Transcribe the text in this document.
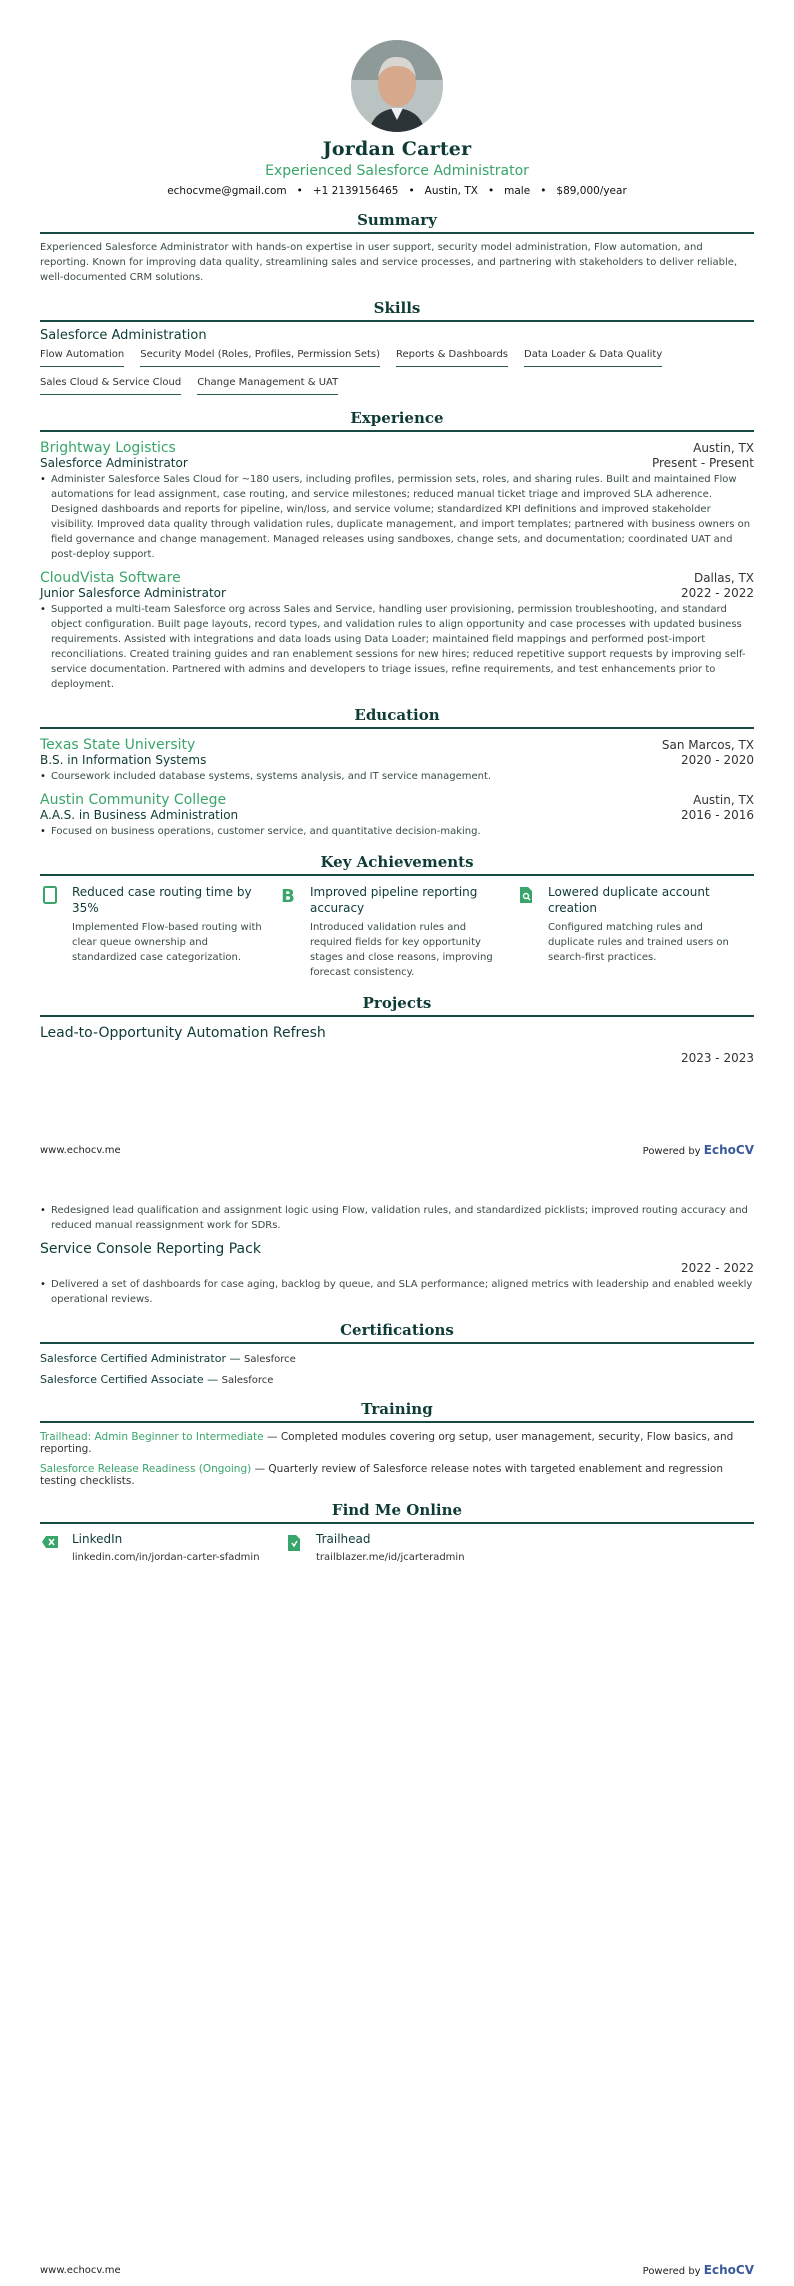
Jordan Carter
Experienced Salesforce Administrator
echocvme@gmail.com • +1 2139156465 • Austin, TX • male • $89,000/year
Summary
Experienced Salesforce Administrator with hands-on expertise in user support, security model administration, Flow automation, and reporting. Known for improving data quality, streamlining sales and service processes, and partnering with stakeholders to deliver reliable, well-documented CRM solutions.
Skills
Salesforce Administration
Flow Automation Security Model (Roles, Profiles, Permission Sets) Reports & Dashboards Data Loader & Data Quality
Sales Cloud & Service Cloud Change Management & UAT
Experience
Brightway Logistics	Austin, TX
Salesforce Administrator	Present - Present
• Administer Salesforce Sales Cloud for ~180 users, including profiles, permission sets, roles, and sharing rules. Built and maintained Flow automations for lead assignment, case routing, and service milestones; reduced manual ticket triage and improved SLA adherence. Designed dashboards and reports for pipeline, win/loss, and service volume; standardized KPI definitions and improved stakeholder visibility. Improved data quality through validation rules, duplicate management, and import templates; partnered with business owners on field governance and change management. Managed releases using sandboxes, change sets, and documentation; coordinated UAT and post-deploy support.
CloudVista Software	Dallas, TX
Junior Salesforce Administrator	2022 - 2022
• Supported a multi-team Salesforce org across Sales and Service, handling user provisioning, permission troubleshooting, and standard object configuration. Built page layouts, record types, and validation rules to align opportunity and case processes with updated business requirements. Assisted with integrations and data loads using Data Loader; maintained field mappings and performed post-import reconciliations. Created training guides and ran enablement sessions for new hires; reduced repetitive support requests by improving self-service documentation. Partnered with admins and developers to triage issues, refine requirements, and test enhancements prior to deployment.
Education
Texas State University	San Marcos, TX
B.S. in Information Systems	2020 - 2020
• Coursework included database systems, systems analysis, and IT service management.
Austin Community College	Austin, TX
A.A.S. in Business Administration	2016 - 2016
• Focused on business operations, customer service, and quantitative decision-making.
Key Achievements
Reduced case routing time by 35%
Implemented Flow-based routing with clear queue ownership and standardized case categorization.
B Improved pipeline reporting accuracy
Introduced validation rules and required fields for key opportunity stages and close reasons, improving forecast consistency.
Lowered duplicate account creation
Configured matching rules and duplicate rules and trained users on search-first practices.
Projects
Lead-to-Opportunity Automation Refresh
2023 - 2023
www.echocv.me	Powered by EchoCV
• Redesigned lead qualification and assignment logic using Flow, validation rules, and standardized picklists; improved routing accuracy and reduced manual reassignment work for SDRs.
Service Console Reporting Pack
2022 - 2022
• Delivered a set of dashboards for case aging, backlog by queue, and SLA performance; aligned metrics with leadership and enabled weekly operational reviews.
Certifications
Salesforce Certified Administrator — Salesforce
Salesforce Certified Associate — Salesforce
Training
Trailhead: Admin Beginner to Intermediate — Completed modules covering org setup, user management, security, Flow basics, and reporting.
Salesforce Release Readiness (Ongoing) — Quarterly review of Salesforce release notes with targeted enablement and regression testing checklists.
Find Me Online
LinkedIn
linkedin.com/in/jordan-carter-sfadmin
Trailhead
trailblazer.me/id/jcarteradmin
www.echocv.me	Powered by EchoCV
